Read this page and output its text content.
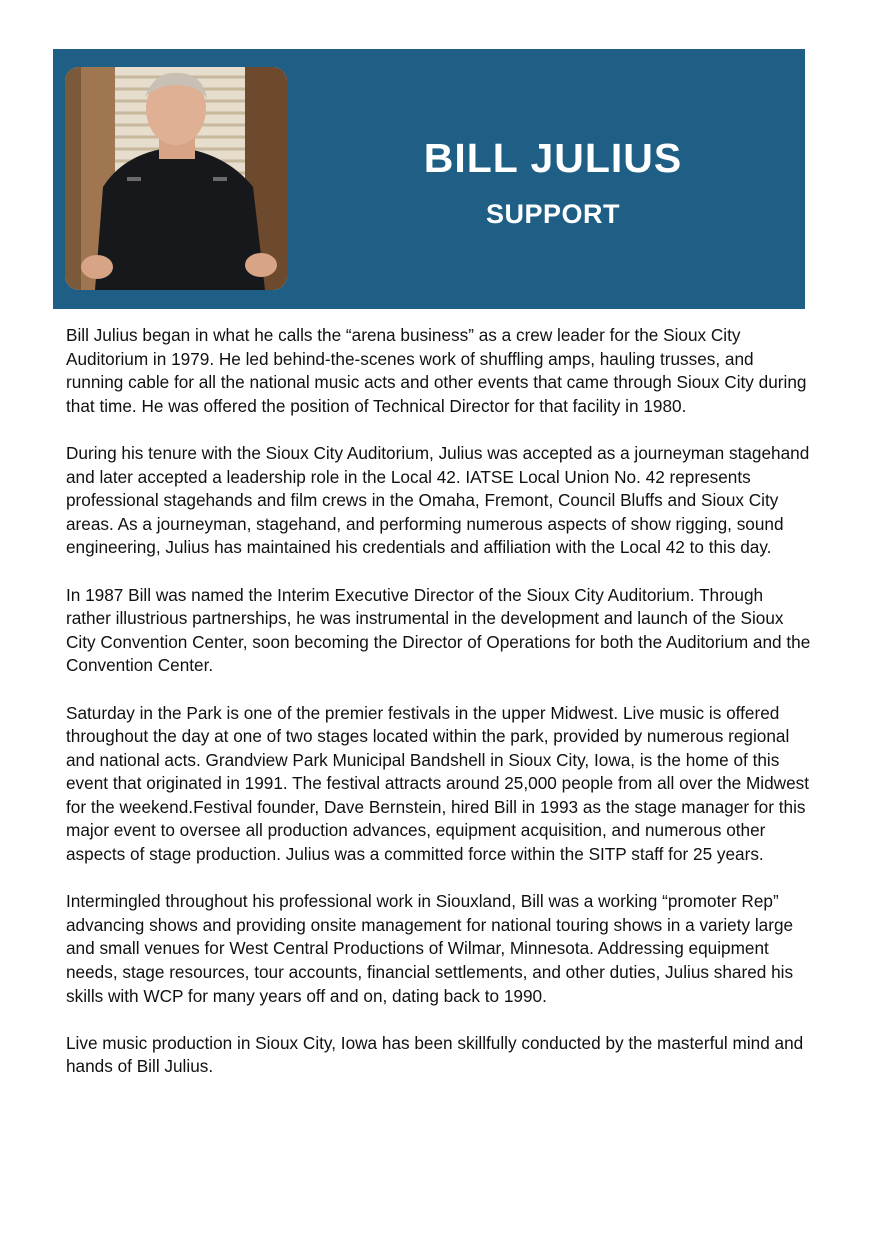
BILL JULIUS
SUPPORT

Bill Julius began in what he calls the “arena business” as a crew leader for the Sioux City Auditorium in 1979. He led behind-the-scenes work of shuffling amps, hauling trusses, and running cable for all the national music acts and other events that came through Sioux City during that time. He was offered the position of Technical Director for that facility in 1980.

During his tenure with the Sioux City Auditorium, Julius was accepted as a journeyman stagehand and later accepted a leadership role in the Local 42. IATSE Local Union No. 42 represents professional stagehands and film crews in the Omaha, Fremont, Council Bluffs and Sioux City areas. As a journeyman, stagehand, and performing numerous aspects of show rigging, sound engineering, Julius has maintained his credentials and affiliation with the Local 42 to this day.

In 1987 Bill was named the Interim Executive Director of the Sioux City Auditorium. Through rather illustrious partnerships, he was instrumental in the development and launch of the Sioux City Convention Center, soon becoming the Director of Operations for both the Auditorium and the Convention Center.

Saturday in the Park is one of the premier festivals in the upper Midwest. Live music is offered throughout the day at one of two stages located within the park, provided by numerous regional and national acts. Grandview Park Municipal Bandshell in Sioux City, Iowa, is the home of this event that originated in 1991. The festival attracts around 25,000 people from all over the Midwest for the weekend.Festival founder, Dave Bernstein, hired Bill in 1993 as the stage manager for this major event to oversee all production advances, equipment acquisition, and numerous other aspects of stage production. Julius was a committed force within the SITP staff for 25 years.

Intermingled throughout his professional work in Siouxland, Bill was a working “promoter Rep” advancing shows and providing onsite management for national touring shows in a variety large and small venues for West Central Productions of Wilmar, Minnesota. Addressing equipment needs, stage resources, tour accounts, financial settlements, and other duties, Julius shared his skills with WCP for many years off and on, dating back to 1990.

Live music production in Sioux City, Iowa has been skillfully conducted by the masterful mind and hands of Bill Julius.
